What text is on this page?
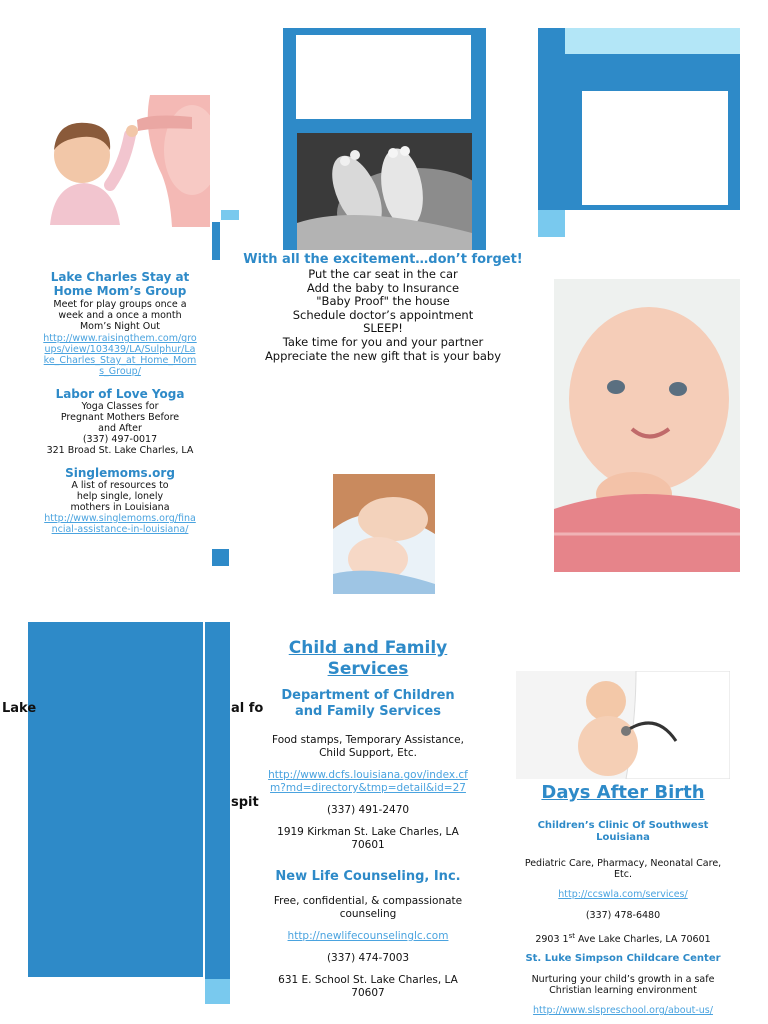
With all the excitement…don’t forget!
Put the car seat in the car
Add the baby to Insurance
"Baby Proof" the house
Schedule doctor’s appointment
SLEEP!
Take time for you and your partner
Appreciate the new gift that is your baby
Lake Charles Stay at Home Mom’s Group
Meet for play groups once a week and a once a month Mom’s Night Out
http://www.raisingthem.com/groups/view/103439/LA/Sulphur/Lake_Charles_Stay_at_Home_Moms_Group/
Labor of Love Yoga
Yoga Classes for Pregnant Mothers Before and After
(337) 497-0017
321 Broad St. Lake Charles, LA
Singlemoms.org
A list of resources to help single, lonely mothers in Louisiana
http://www.singlemoms.org/financial-assistance-in-louisiana/
Lake	al fo
spit
Child and Family Services
Department of Children and Family Services
Food stamps, Temporary Assistance, Child Support, Etc.
http://www.dcfs.louisiana.gov/index.cfm?md=directory&tmp=detail&id=27
(337) 491-2470
1919 Kirkman St. Lake Charles, LA 70601
New Life Counseling, Inc.
Free, confidential, & compassionate counseling
http://newlifecounselinglc.com
(337) 474-7003
631 E. School St. Lake Charles, LA 70607
Days After Birth
Children’s Clinic Of Southwest Louisiana
Pediatric Care, Pharmacy, Neonatal Care, Etc.
http://ccswla.com/services/
(337) 478-6480
2903 1st Ave Lake Charles, LA 70601
St. Luke Simpson Childcare Center
Nurturing your child’s growth in a safe Christian learning environment
http://www.slspreschool.org/about-us/
